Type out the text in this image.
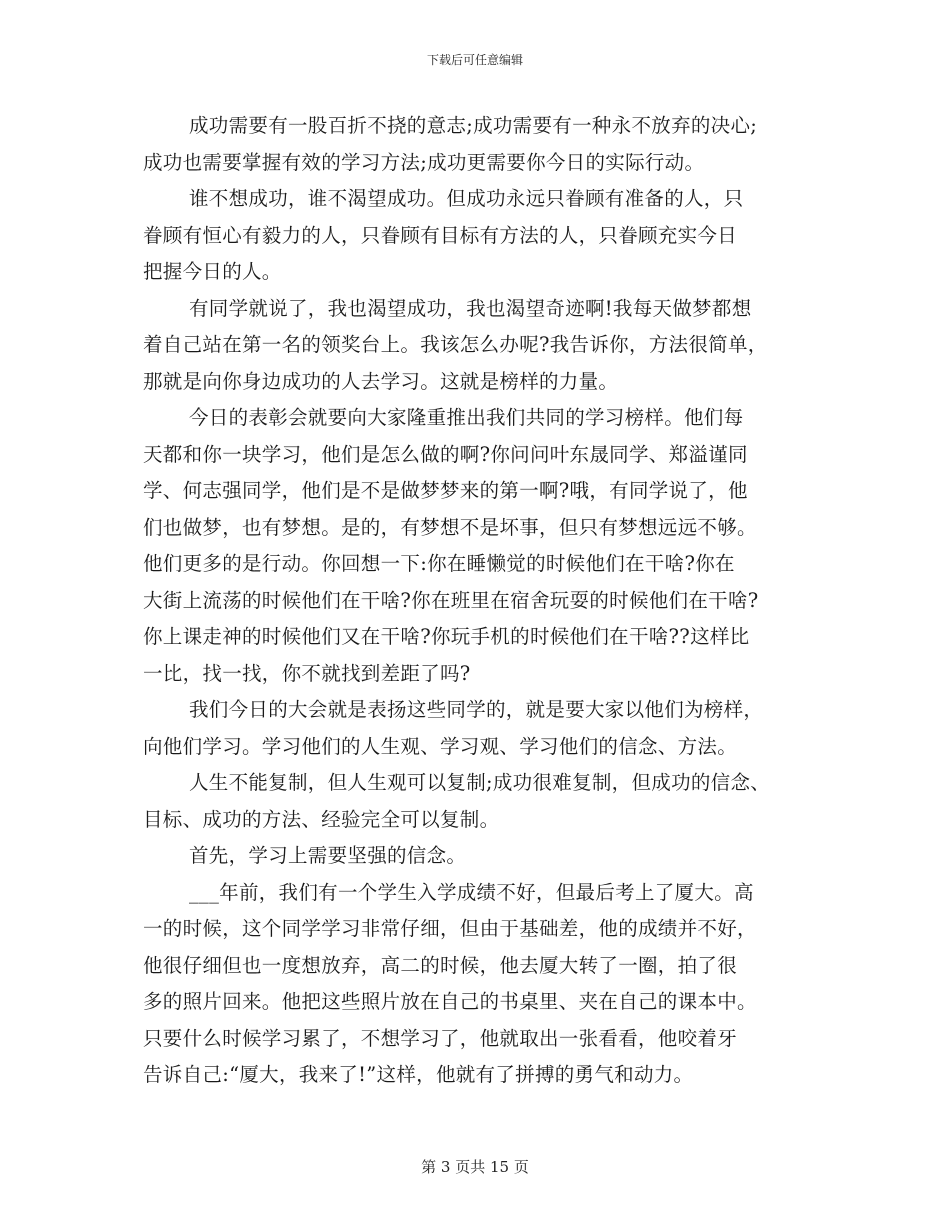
下载后可任意编辑
成功需要有一股百折不挠的意志;成功需要有一种永不放弃的决心;
成功也需要掌握有效的学习方法;成功更需要你今日的实际行动。
谁不想成功，谁不渴望成功。但成功永远只眷顾有准备的人，只
眷顾有恒心有毅力的人，只眷顾有目标有方法的人，只眷顾充实今日
把握今日的人。
有同学就说了，我也渴望成功，我也渴望奇迹啊!我每天做梦都想
着自己站在第一名的领奖台上。我该怎么办呢?我告诉你，方法很简单，
那就是向你身边成功的人去学习。这就是榜样的力量。
今日的表彰会就要向大家隆重推出我们共同的学习榜样。他们每
天都和你一块学习，他们是怎么做的啊?你问问叶东晟同学、郑溢谨同
学、何志强同学，他们是不是做梦梦来的第一啊?哦，有同学说了，他
们也做梦，也有梦想。是的，有梦想不是坏事，但只有梦想远远不够。
他们更多的是行动。你回想一下:你在睡懒觉的时候他们在干啥?你在
大街上流荡的时候他们在干啥?你在班里在宿舍玩耍的时候他们在干啥?
你上课走神的时候他们又在干啥?你玩手机的时候他们在干啥??这样比
一比，找一找，你不就找到差距了吗?
我们今日的大会就是表扬这些同学的，就是要大家以他们为榜样，
向他们学习。学习他们的人生观、学习观、学习他们的信念、方法。
人生不能复制，但人生观可以复制;成功很难复制，但成功的信念、
目标、成功的方法、经验完全可以复制。
首先，学习上需要坚强的信念。
___年前，我们有一个学生入学成绩不好，但最后考上了厦大。高
一的时候，这个同学学习非常仔细，但由于基础差，他的成绩并不好，
他很仔细但也一度想放弃，高二的时候，他去厦大转了一圈，拍了很
多的照片回来。他把这些照片放在自己的书桌里、夹在自己的课本中。
只要什么时候学习累了，不想学习了，他就取出一张看看，他咬着牙
告诉自己:“厦大，我来了!”这样，他就有了拼搏的勇气和动力。
第 3 页共 15 页
